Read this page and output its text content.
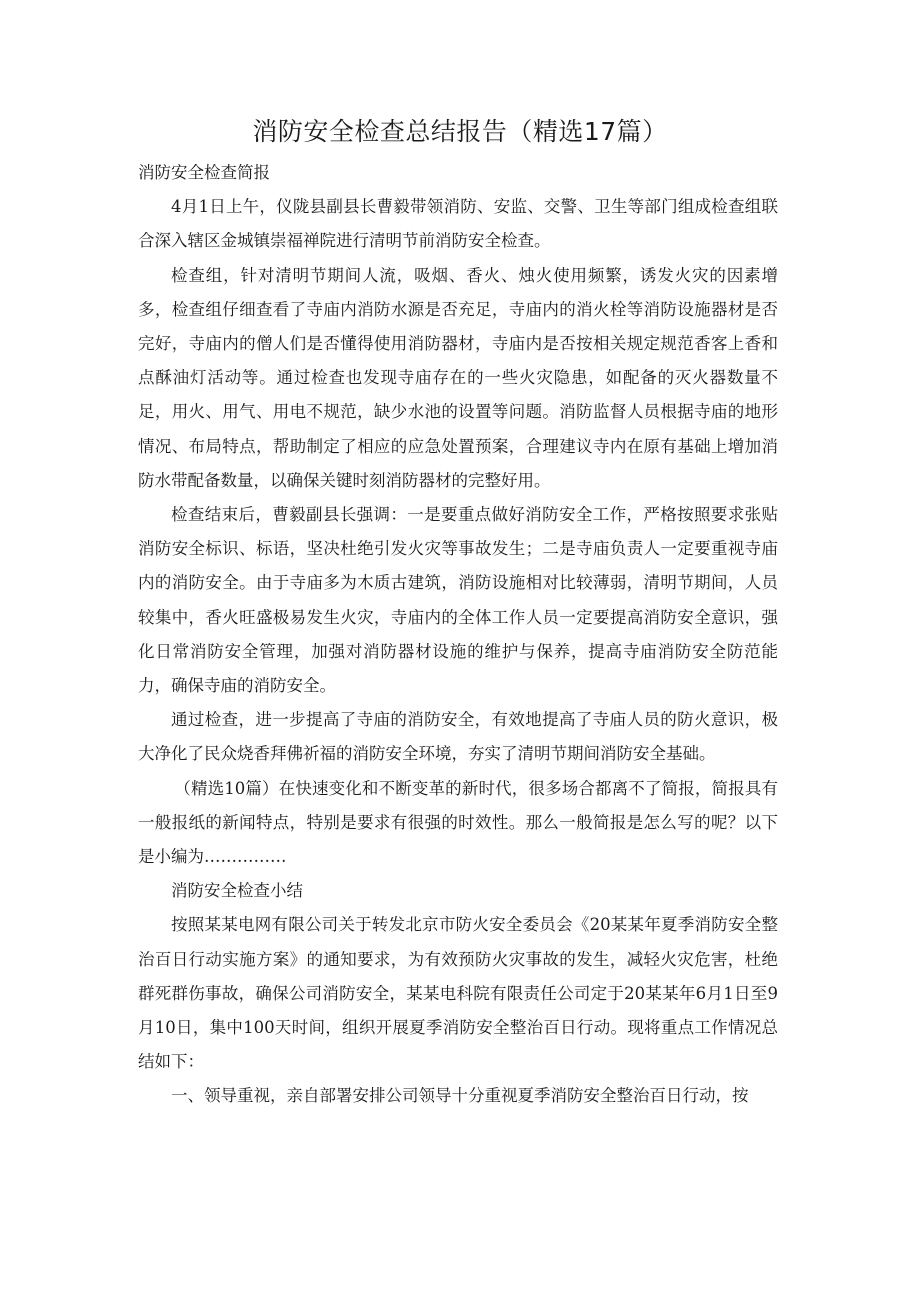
消防安全检查总结报告（精选17篇）

消防安全检查简报

4月1日上午，仪陇县副县长曹毅带领消防、安监、交警、卫生等部门组成检查组联合深入辖区金城镇崇福禅院进行清明节前消防安全检查。

检查组，针对清明节期间人流，吸烟、香火、烛火使用频繁，诱发火灾的因素增多，检查组仔细查看了寺庙内消防水源是否充足，寺庙内的消火栓等消防设施器材是否完好，寺庙内的僧人们是否懂得使用消防器材，寺庙内是否按相关规定规范香客上香和点酥油灯活动等。通过检查也发现寺庙存在的一些火灾隐患，如配备的灭火器数量不足，用火、用气、用电不规范，缺少水池的设置等问题。消防监督人员根据寺庙的地形情况、布局特点，帮助制定了相应的应急处置预案，合理建议寺内在原有基础上增加消防水带配备数量，以确保关键时刻消防器材的完整好用。

检查结束后，曹毅副县长强调：一是要重点做好消防安全工作，严格按照要求张贴消防安全标识、标语，坚决杜绝引发火灾等事故发生；二是寺庙负责人一定要重视寺庙内的消防安全。由于寺庙多为木质古建筑，消防设施相对比较薄弱，清明节期间，人员较集中，香火旺盛极易发生火灾，寺庙内的全体工作人员一定要提高消防安全意识，强化日常消防安全管理，加强对消防器材设施的维护与保养，提高寺庙消防安全防范能力，确保寺庙的消防安全。

通过检查，进一步提高了寺庙的消防安全，有效地提高了寺庙人员的防火意识，极大净化了民众烧香拜佛祈福的消防安全环境，夯实了清明节期间消防安全基础。

（精选10篇）在快速变化和不断变革的新时代，很多场合都离不了简报，简报具有一般报纸的新闻特点，特别是要求有很强的时效性。那么一般简报是怎么写的呢？以下是小编为……………

消防安全检查小结

按照某某电网有限公司关于转发北京市防火安全委员会《20某某年夏季消防安全整治百日行动实施方案》的通知要求，为有效预防火灾事故的发生，减轻火灾危害，杜绝群死群伤事故，确保公司消防安全，某某电科院有限责任公司定于20某某年6月1日至9月10日，集中100天时间，组织开展夏季消防安全整治百日行动。现将重点工作情况总结如下：

一、领导重视，亲自部署安排公司领导十分重视夏季消防安全整治百日行动，按
